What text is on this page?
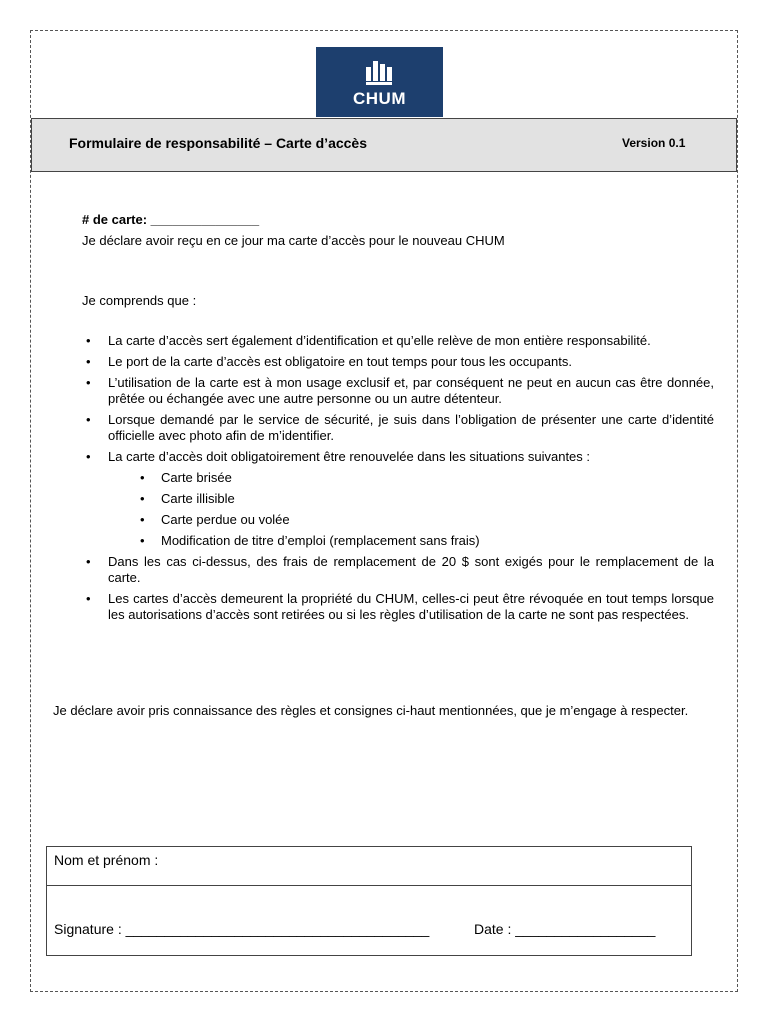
CHUM
Formulaire de responsabilité – Carte d’accès	Version 0.1
# de carte: _______________
Je déclare avoir reçu en ce jour ma carte d’accès pour le nouveau CHUM
Je comprends que :
• La carte d’accès sert également d’identification et qu’elle relève de mon entière responsabilité.
• Le port de la carte d’accès est obligatoire en tout temps pour tous les occupants.
• L’utilisation de la carte est à mon usage exclusif et, par conséquent ne peut en aucun cas être donnée, prêtée ou échangée avec une autre personne ou un autre détenteur.
• Lorsque demandé par le service de sécurité, je suis dans l’obligation de présenter une carte d’identité officielle avec photo afin de m’identifier.
• La carte d’accès doit obligatoirement être renouvelée dans les situations suivantes :
• Carte brisée
• Carte illisible
• Carte perdue ou volée
• Modification de titre d’emploi (remplacement sans frais)
• Dans les cas ci-dessus, des frais de remplacement de 20 $ sont exigés pour le remplacement de la carte.
• Les cartes d’accès demeurent la propriété du CHUM, celles-ci peut être révoquée en tout temps lorsque les autorisations d’accès sont retirées ou si les règles d’utilisation de la carte ne sont pas respectées.
Je déclare avoir pris connaissance des règles et consignes ci-haut mentionnées, que je m’engage à respecter.
Nom et prénom :
Signature : _______________________________________	Date : __________________
